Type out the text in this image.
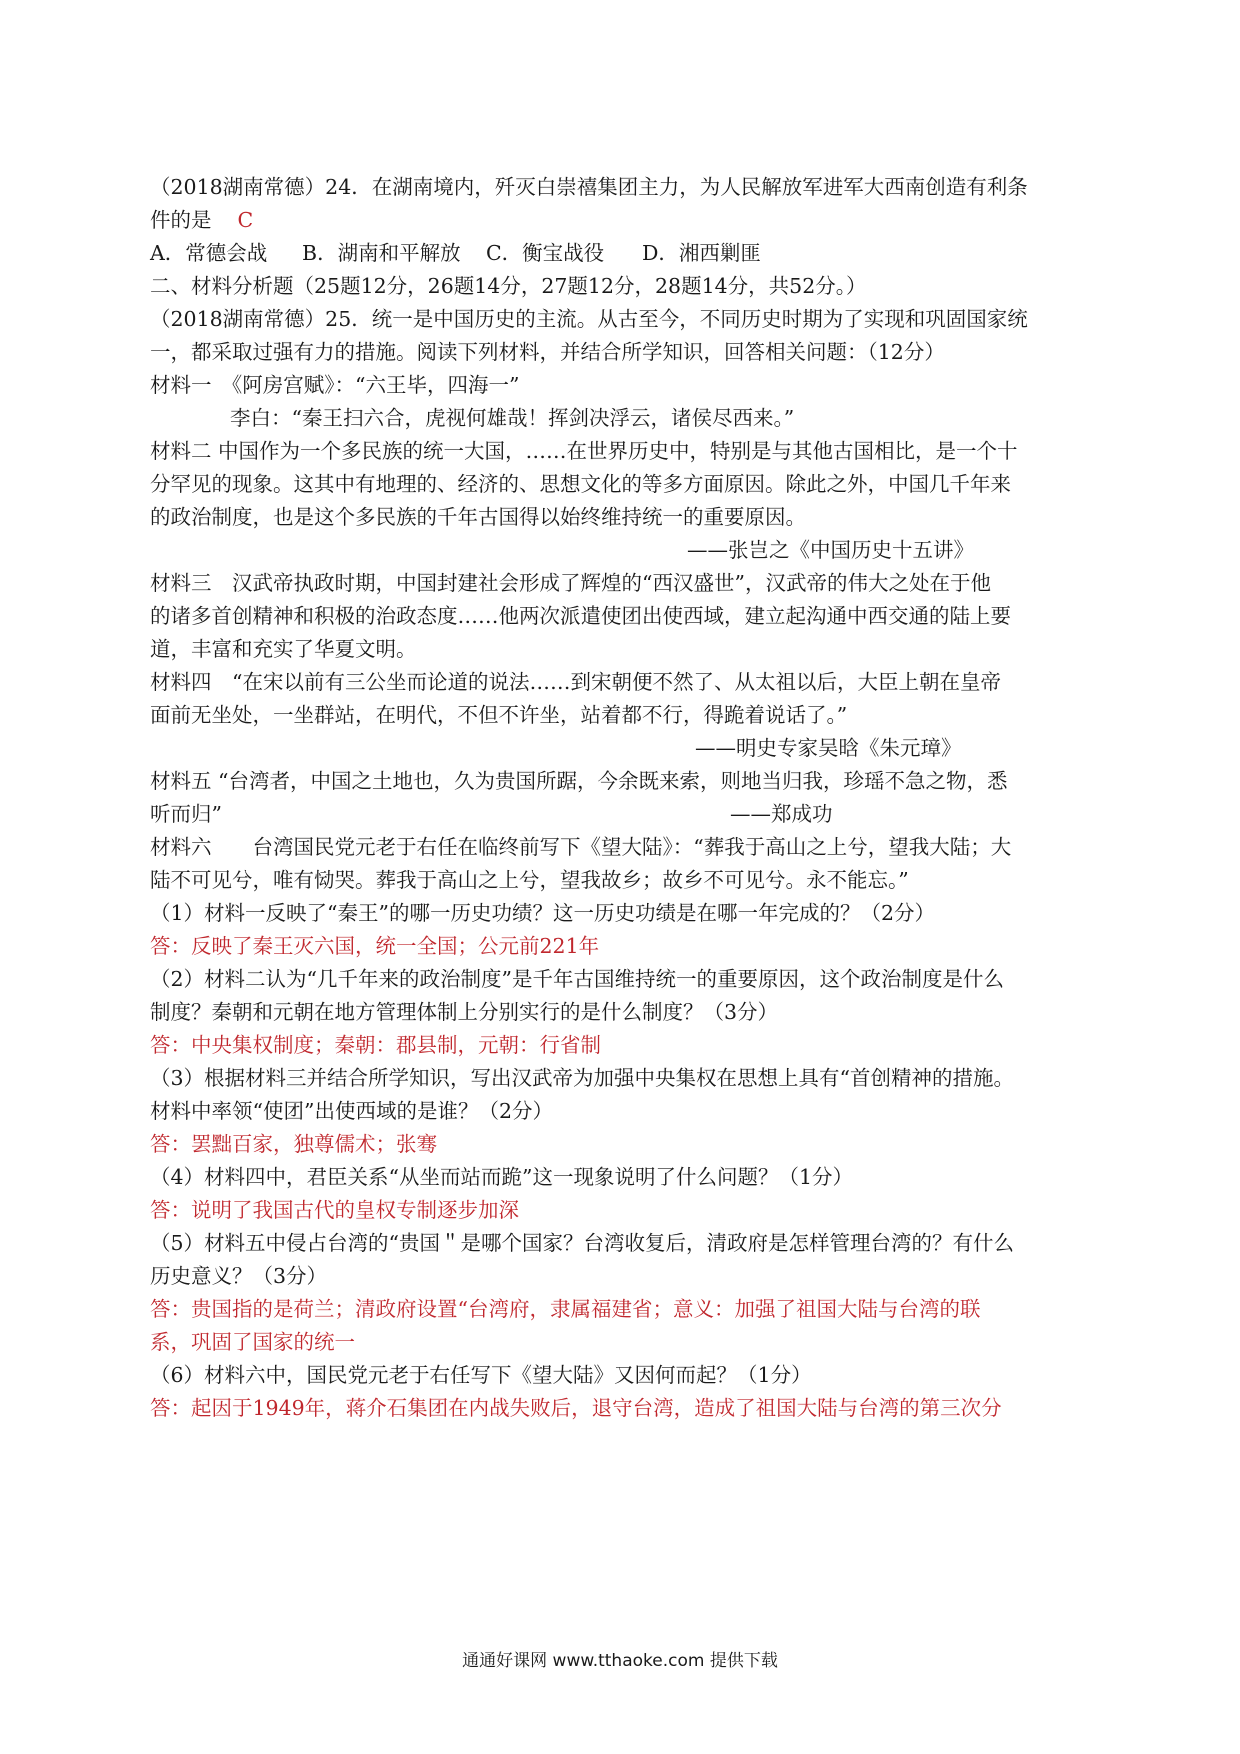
（2018湖南常德）24．在湖南境内，歼灭白崇禧集团主力，为人民解放军进军大西南创造有利条
件的是 C
A．常德会战 B．湖南和平解放 C．衡宝战役 D．湘西剿匪
二、材料分析题（25题12分，26题14分，27题12分，28题14分，共52分。）
（2018湖南常德）25．统一是中国历史的主流。从古至今，不同历史时期为了实现和巩固国家统
一，都采取过强有力的措施。阅读下列材料，并结合所学知识，回答相关问题：（12分）
材料一　《阿房宫赋》：“六王毕，四海一”
李白：“秦王扫六合，虎视何雄哉！挥剑决浮云，诸侯尽西来。”
材料二 中国作为一个多民族的统一大国，……在世界历史中，特别是与其他古国相比，是一个十
分罕见的现象。这其中有地理的、经济的、思想文化的等多方面原因。除此之外，中国几千年来
的政治制度，也是这个多民族的千年古国得以始终维持统一的重要原因。
——张岂之《中国历史十五讲》
材料三　汉武帝执政时期，中国封建社会形成了辉煌的“西汉盛世”，汉武帝的伟大之处在于他
的诸多首创精神和积极的治政态度……他两次派遣使团出使西域，建立起沟通中西交通的陆上要
道，丰富和充实了华夏文明。
材料四　“在宋以前有三公坐而论道的说法……到宋朝便不然了、从太祖以后，大臣上朝在皇帝
面前无坐处，一坐群站，在明代，不但不许坐，站着都不行，得跪着说话了。”
——明史专家吴晗《朱元璋》
材料五 “台湾者，中国之土地也，久为贵国所踞，今余既来索，则地当归我，珍瑶不急之物，悉
听而归”	——郑成功
材料六　　台湾国民党元老于右任在临终前写下《望大陆》：“葬我于高山之上兮，望我大陆；大
陆不可见兮，唯有恸哭。葬我于高山之上兮，望我故乡；故乡不可见兮。永不能忘。”
（1）材料一反映了“秦王”的哪一历史功绩？这一历史功绩是在哪一年完成的？（2分）
答：反映了秦王灭六国，统一全国；公元前221年
（2）材料二认为“几千年来的政治制度”是千年古国维持统一的重要原因，这个政治制度是什么
制度？秦朝和元朝在地方管理体制上分别实行的是什么制度？（3分）
答：中央集权制度；秦朝：郡县制，元朝：行省制
（3）根据材料三并结合所学知识，写出汉武帝为加强中央集权在思想上具有“首创精神的措施。
材料中率领“使团”出使西域的是谁？（2分）
答：罢黜百家，独尊儒术；张骞
（4）材料四中，君臣关系“从坐而站而跪”这一现象说明了什么问题？（1分）
答：说明了我国古代的皇权专制逐步加深
（5）材料五中侵占台湾的“贵国＂是哪个国家？台湾收复后，清政府是怎样管理台湾的？有什么
历史意义？（3分）
答：贵国指的是荷兰；清政府设置“台湾府，隶属福建省；意义：加强了祖国大陆与台湾的联
系，巩固了国家的统一
（6）材料六中，国民党元老于右任写下《望大陆》又因何而起？（1分）
答：起因于1949年，蒋介石集团在内战失败后，退守台湾，造成了祖国大陆与台湾的第三次分
通通好课网 www.tthaoke.com 提供下载
